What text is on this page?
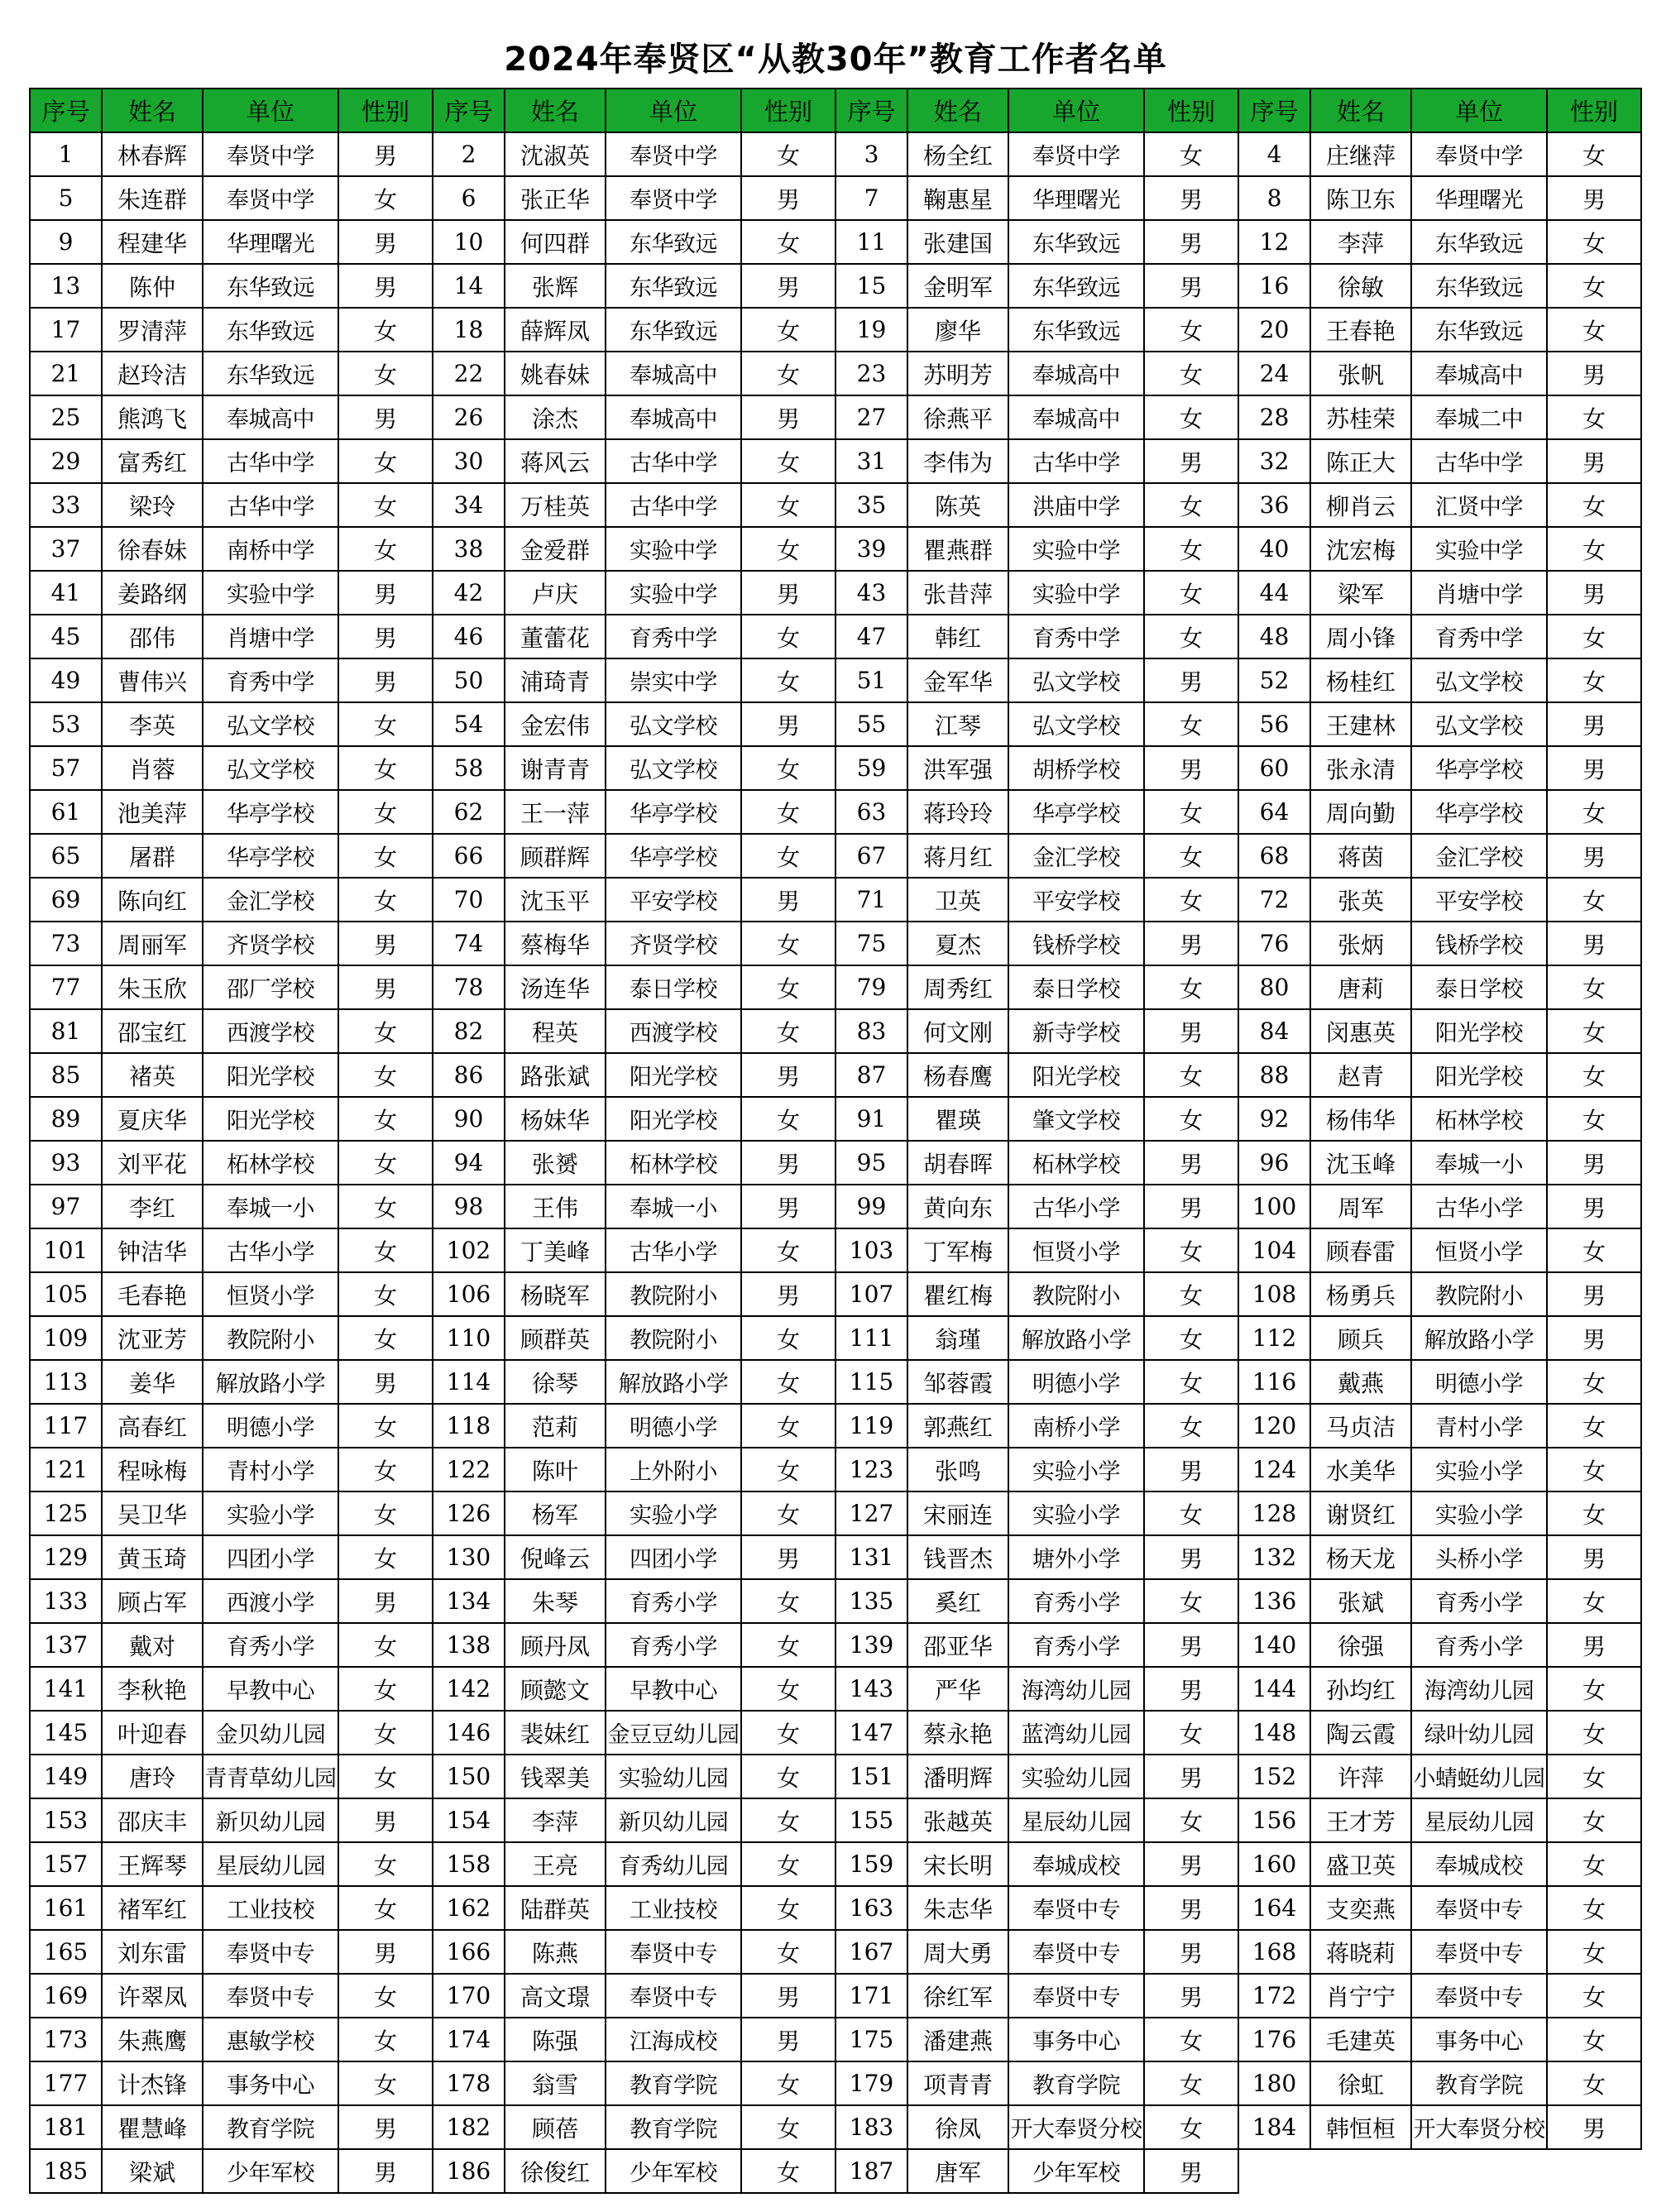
2024年奉贤区“从教30年”教育工作者名单
序号	姓名	单位	性别	序号	姓名	单位	性别	序号	姓名	单位	性别	序号	姓名	单位	性别
1	林春辉	奉贤中学	男	2	沈淑英	奉贤中学	女	3	杨全红	奉贤中学	女	4	庄继萍	奉贤中学	女
5	朱连群	奉贤中学	女	6	张正华	奉贤中学	男	7	鞠惠星	华理曙光	男	8	陈卫东	华理曙光	男
9	程建华	华理曙光	男	10	何四群	东华致远	女	11	张建国	东华致远	男	12	李萍	东华致远	女
13	陈仲	东华致远	男	14	张辉	东华致远	男	15	金明军	东华致远	男	16	徐敏	东华致远	女
17	罗清萍	东华致远	女	18	薛辉凤	东华致远	女	19	廖华	东华致远	女	20	王春艳	东华致远	女
21	赵玲洁	东华致远	女	22	姚春妹	奉城高中	女	23	苏明芳	奉城高中	女	24	张帆	奉城高中	男
25	熊鸿飞	奉城高中	男	26	涂杰	奉城高中	男	27	徐燕平	奉城高中	女	28	苏桂荣	奉城二中	女
29	富秀红	古华中学	女	30	蒋风云	古华中学	女	31	李伟为	古华中学	男	32	陈正大	古华中学	男
33	梁玲	古华中学	女	34	万桂英	古华中学	女	35	陈英	洪庙中学	女	36	柳肖云	汇贤中学	女
37	徐春妹	南桥中学	女	38	金爱群	实验中学	女	39	瞿燕群	实验中学	女	40	沈宏梅	实验中学	女
41	姜路纲	实验中学	男	42	卢庆	实验中学	男	43	张昔萍	实验中学	女	44	梁军	肖塘中学	男
45	邵伟	肖塘中学	男	46	董蕾花	育秀中学	女	47	韩红	育秀中学	女	48	周小锋	育秀中学	女
49	曹伟兴	育秀中学	男	50	浦琦青	崇实中学	女	51	金军华	弘文学校	男	52	杨桂红	弘文学校	女
53	李英	弘文学校	女	54	金宏伟	弘文学校	男	55	江琴	弘文学校	女	56	王建林	弘文学校	男
57	肖蓉	弘文学校	女	58	谢青青	弘文学校	女	59	洪军强	胡桥学校	男	60	张永清	华亭学校	男
61	池美萍	华亭学校	女	62	王一萍	华亭学校	女	63	蒋玲玲	华亭学校	女	64	周向勤	华亭学校	女
65	屠群	华亭学校	女	66	顾群辉	华亭学校	女	67	蒋月红	金汇学校	女	68	蒋茵	金汇学校	男
69	陈向红	金汇学校	女	70	沈玉平	平安学校	男	71	卫英	平安学校	女	72	张英	平安学校	女
73	周丽军	齐贤学校	男	74	蔡梅华	齐贤学校	女	75	夏杰	钱桥学校	男	76	张炳	钱桥学校	男
77	朱玉欣	邵厂学校	男	78	汤连华	泰日学校	女	79	周秀红	泰日学校	女	80	唐莉	泰日学校	女
81	邵宝红	西渡学校	女	82	程英	西渡学校	女	83	何文刚	新寺学校	男	84	闵惠英	阳光学校	女
85	褚英	阳光学校	女	86	路张斌	阳光学校	男	87	杨春鹰	阳光学校	女	88	赵青	阳光学校	女
89	夏庆华	阳光学校	女	90	杨妹华	阳光学校	女	91	瞿瑛	肇文学校	女	92	杨伟华	柘林学校	女
93	刘平花	柘林学校	女	94	张赟	柘林学校	男	95	胡春晖	柘林学校	男	96	沈玉峰	奉城一小	男
97	李红	奉城一小	女	98	王伟	奉城一小	男	99	黄向东	古华小学	男	100	周军	古华小学	男
101	钟洁华	古华小学	女	102	丁美峰	古华小学	女	103	丁军梅	恒贤小学	女	104	顾春雷	恒贤小学	女
105	毛春艳	恒贤小学	女	106	杨晓军	教院附小	男	107	瞿红梅	教院附小	女	108	杨勇兵	教院附小	男
109	沈亚芳	教院附小	女	110	顾群英	教院附小	女	111	翁瑾	解放路小学	女	112	顾兵	解放路小学	男
113	姜华	解放路小学	男	114	徐琴	解放路小学	女	115	邹蓉霞	明德小学	女	116	戴燕	明德小学	女
117	高春红	明德小学	女	118	范莉	明德小学	女	119	郭燕红	南桥小学	女	120	马贞洁	青村小学	女
121	程咏梅	青村小学	女	122	陈叶	上外附小	女	123	张鸣	实验小学	男	124	水美华	实验小学	女
125	吴卫华	实验小学	女	126	杨军	实验小学	女	127	宋丽连	实验小学	女	128	谢贤红	实验小学	女
129	黄玉琦	四团小学	女	130	倪峰云	四团小学	男	131	钱晋杰	塘外小学	男	132	杨天龙	头桥小学	男
133	顾占军	西渡小学	男	134	朱琴	育秀小学	女	135	奚红	育秀小学	女	136	张斌	育秀小学	女
137	戴对	育秀小学	女	138	顾丹凤	育秀小学	女	139	邵亚华	育秀小学	男	140	徐强	育秀小学	男
141	李秋艳	早教中心	女	142	顾懿文	早教中心	女	143	严华	海湾幼儿园	男	144	孙均红	海湾幼儿园	女
145	叶迎春	金贝幼儿园	女	146	裴妹红	金豆豆幼儿园	女	147	蔡永艳	蓝湾幼儿园	女	148	陶云霞	绿叶幼儿园	女
149	唐玲	青青草幼儿园	女	150	钱翠美	实验幼儿园	女	151	潘明辉	实验幼儿园	男	152	许萍	小蜻蜓幼儿园	女
153	邵庆丰	新贝幼儿园	男	154	李萍	新贝幼儿园	女	155	张越英	星辰幼儿园	女	156	王才芳	星辰幼儿园	女
157	王辉琴	星辰幼儿园	女	158	王亮	育秀幼儿园	女	159	宋长明	奉城成校	男	160	盛卫英	奉城成校	女
161	褚军红	工业技校	女	162	陆群英	工业技校	女	163	朱志华	奉贤中专	男	164	支奕燕	奉贤中专	女
165	刘东雷	奉贤中专	男	166	陈燕	奉贤中专	女	167	周大勇	奉贤中专	男	168	蒋晓莉	奉贤中专	女
169	许翠凤	奉贤中专	女	170	高文璟	奉贤中专	男	171	徐红军	奉贤中专	男	172	肖宁宁	奉贤中专	女
173	朱燕鹰	惠敏学校	女	174	陈强	江海成校	男	175	潘建燕	事务中心	女	176	毛建英	事务中心	女
177	计杰锋	事务中心	女	178	翁雪	教育学院	女	179	项青青	教育学院	女	180	徐虹	教育学院	女
181	瞿慧峰	教育学院	男	182	顾蓓	教育学院	女	183	徐凤	开大奉贤分校	女	184	韩恒桓	开大奉贤分校	男
185	梁斌	少年军校	男	186	徐俊红	少年军校	女	187	唐军	少年军校	男				
